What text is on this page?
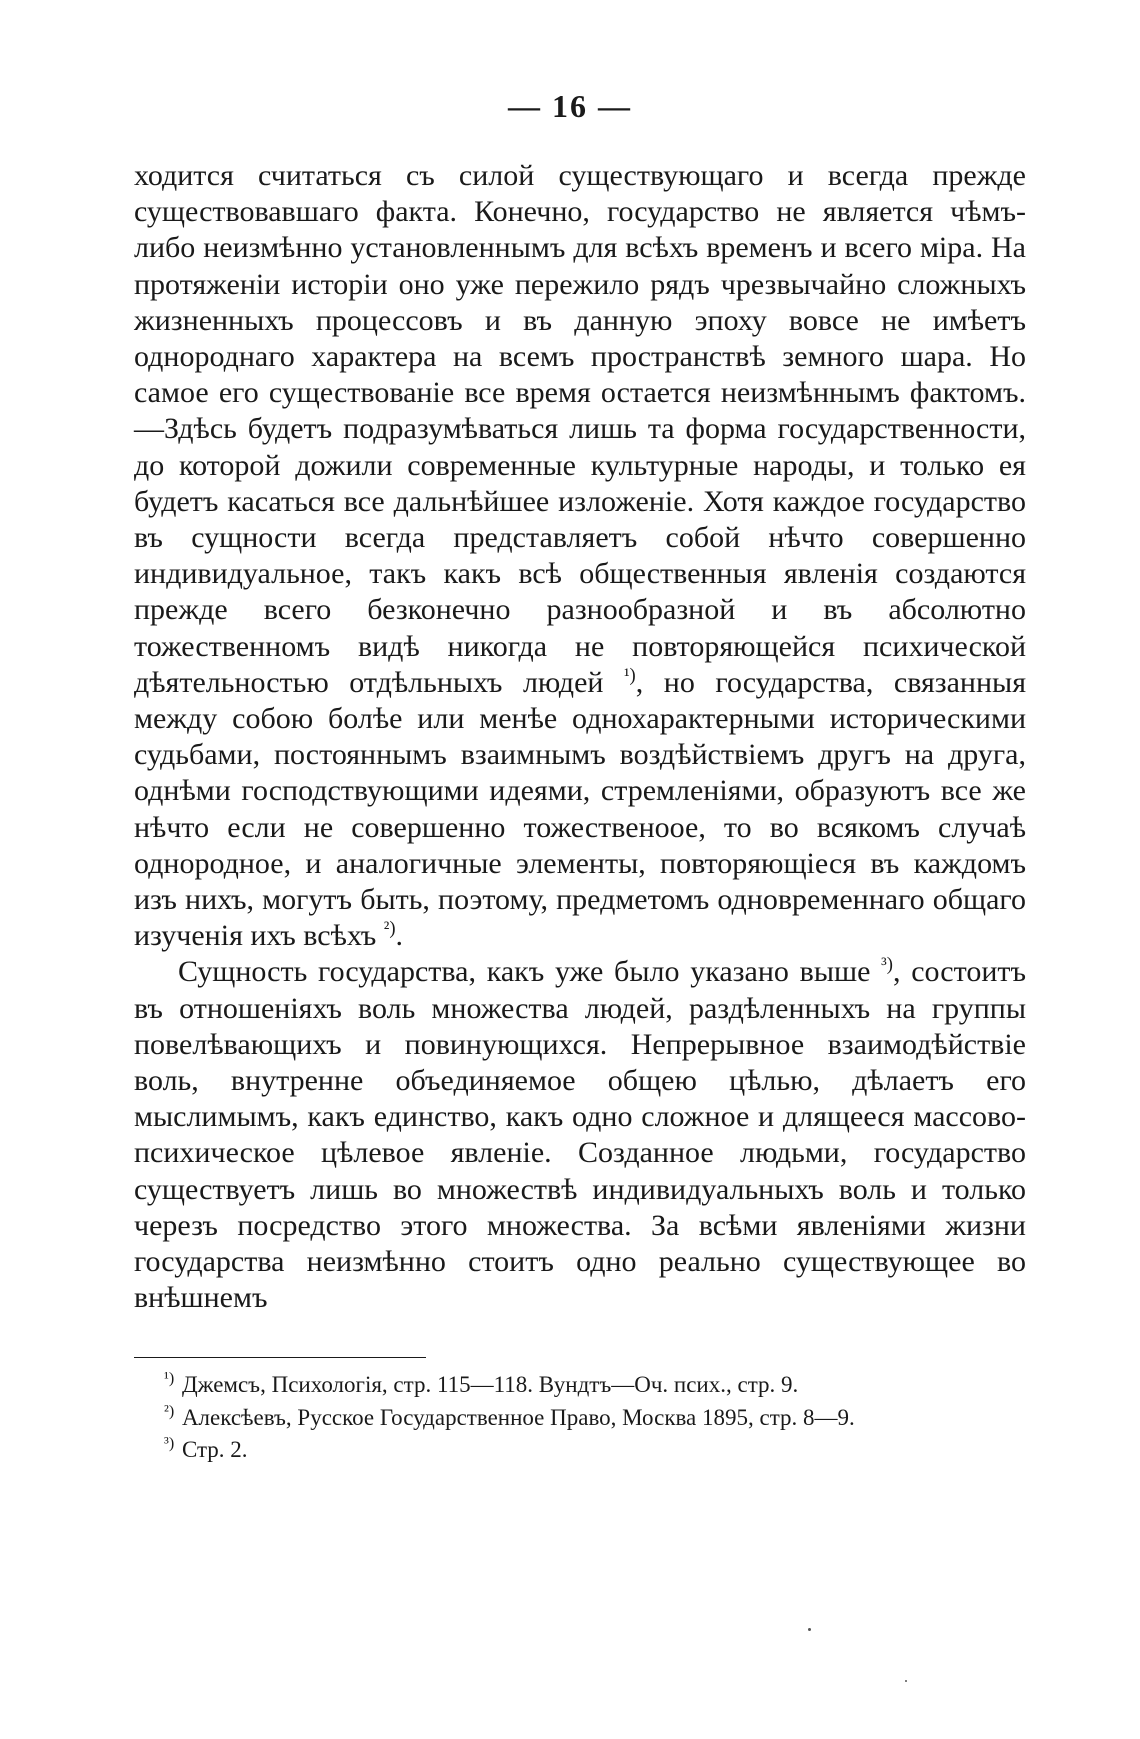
— 16 —

ходится считаться съ силой существующаго и всегда прежде существовавшаго факта. Конечно, государство не является чѣмъ-либо неизмѣнно установленнымъ для всѣхъ временъ и всего міра. На протяженіи исторіи оно уже пережило рядъ чрезвычайно сложныхъ жизненныхъ процессовъ и въ данную эпоху вовсе не имѣетъ однороднаго характера на всемъ пространствѣ земного шара. Но самое его существованіе все время остается неизмѣннымъ фактомъ.—Здѣсь будетъ подразумѣваться лишь та форма государственности, до которой дожили современные культурные народы, и только ея будетъ касаться все дальнѣйшее изложеніе. Хотя каждое государство въ сущности всегда представляетъ собой нѣчто совершенно индивидуальное, такъ какъ всѣ общественныя явленія создаются прежде всего безконечно разнообразной и въ абсолютно тожественномъ видѣ никогда не повторяющейся психической дѣятельностью отдѣльныхъ людей $^{^1)}$, но государства, связанныя между собою болѣе или менѣе однохарактерными историческими судьбами, постояннымъ взаимнымъ воздѣйствіемъ другъ на друга, однѣми господствующими идеями, стремленіями, образуютъ все же нѣчто если не совершенно тожественоое, то во всякомъ случаѣ однородное, и аналогичные элементы, повторяющіеся въ каждомъ изъ нихъ, могутъ быть, поэтому, предметомъ одновременнаго общаго изученія ихъ всѣхъ $^{^2)}$.

Сущность государства, какъ уже было указано выше $^{^3)}$, состоитъ въ отношеніяхъ воль множества людей, раздѣленныхъ на группы повелѣвающихъ и повинующихся. Непрерывное взаимодѣйствіе воль, внутренне объединяемое общею цѣлью, дѣлаетъ его мыслимымъ, какъ единство, какъ одно сложное и длящееся массово-психическое цѣлевое явленіе. Созданное людьми, государство существуетъ лишь во множествѣ индивидуальныхъ воль и только черезъ посредство этого множества. За всѣми явленіями жизни государства неизмѣнно стоитъ одно реально существующее во внѣшнемъ

$^{^1)}$ Джемсъ, Психологія, стр. 115—118. Вундтъ—Оч. псих., стр. 9.

$^{^2)}$ Алексѣевъ, Русское Государственное Право, Москва 1895, стр. 8—9.

$^{^3)}$ Стр. 2.
